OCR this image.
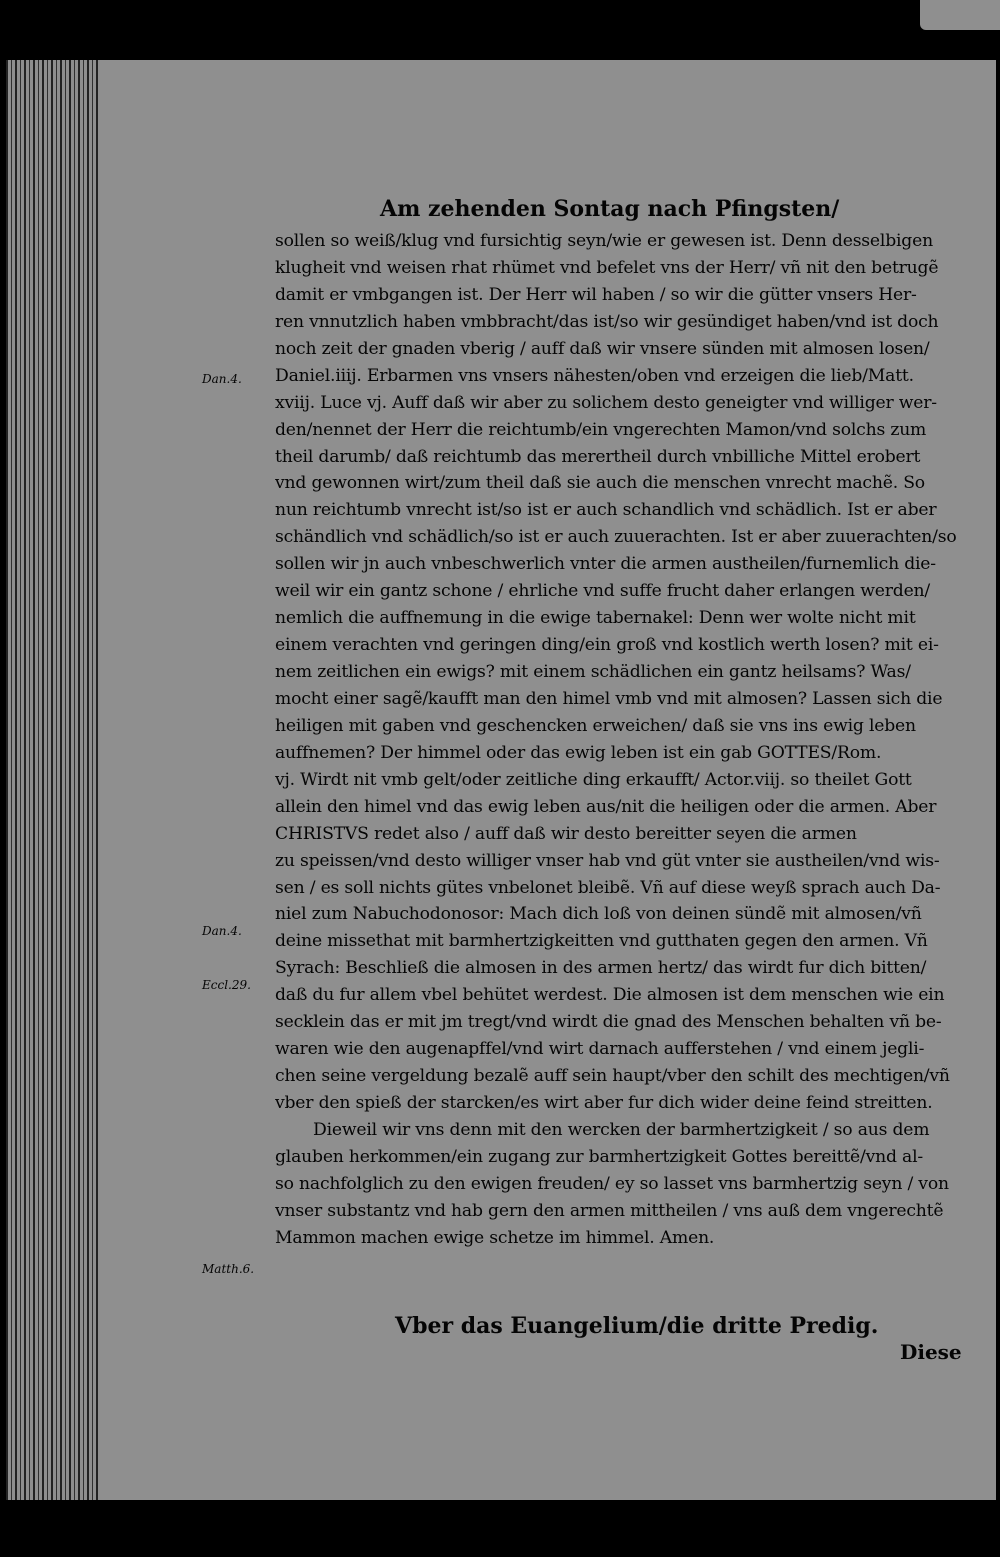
Am zehenden Sontag nach Pfingsten/
Dan.4.
Dan.4.
Eccl.29.
Matth.6.
sollen so weiß/klug vnd fursichtig seyn/wie er gewesen ist. Denn desselbigen
klugheit vnd weisen rhat rhümet vnd befelet vns der Herr/ vñ nit den betrugẽ
damit er vmbgangen ist. Der Herr wil haben / so wir die gütter vnsers Her-
ren vnnutzlich haben vmbbracht/das ist/so wir gesündiget haben/vnd ist doch
noch zeit der gnaden vberig / auff daß wir vnsere sünden mit almosen losen/
Daniel.iiij. Erbarmen vns vnsers nähesten/oben vnd erzeigen die lieb/Matt.
xviij. Luce vj. Auff daß wir aber zu solichem desto geneigter vnd williger wer-
den/nennet der Herr die reichtumb/ein vngerechten Mamon/vnd solchs zum
theil darumb/ daß reichtumb das merertheil durch vnbilliche Mittel erobert
vnd gewonnen wirt/zum theil daß sie auch die menschen vnrecht machẽ. So
nun reichtumb vnrecht ist/so ist er auch schandlich vnd schädlich. Ist er aber
schändlich vnd schädlich/so ist er auch zuuerachten. Ist er aber zuuerachten/so
sollen wir jn auch vnbeschwerlich vnter die armen austheilen/furnemlich die-
weil wir ein gantz schone / ehrliche vnd suffe frucht daher erlangen werden/
nemlich die auffnemung in die ewige tabernakel: Denn wer wolte nicht mit
einem verachten vnd geringen ding/ein groß vnd kostlich werth losen? mit ei-
nem zeitlichen ein ewigs? mit einem schädlichen ein gantz heilsams? Was/
mocht einer sagẽ/kaufft man den himel vmb vnd mit almosen? Lassen sich die
heiligen mit gaben vnd geschencken erweichen/ daß sie vns ins ewig leben
auffnemen? Der himmel oder das ewig leben ist ein gab GOTTES/Rom.
vj. Wirdt nit vmb gelt/oder zeitliche ding erkaufft/ Actor.viij. so theilet Gott
allein den himel vnd das ewig leben aus/nit die heiligen oder die armen. Aber
CHRISTVS redet also / auff daß wir desto bereitter seyen die armen
zu speissen/vnd desto williger vnser hab vnd güt vnter sie austheilen/vnd wis-
sen / es soll nichts gütes vnbelonet bleibẽ. Vñ auf diese weyß sprach auch Da-
niel zum Nabuchodonosor: Mach dich loß von deinen sündẽ mit almosen/vñ
deine missethat mit barmhertzigkeitten vnd gutthaten gegen den armen. Vñ
Syrach: Beschließ die almosen in des armen hertz/ das wirdt fur dich bitten/
daß du fur allem vbel behütet werdest. Die almosen ist dem menschen wie ein
secklein das er mit jm tregt/vnd wirdt die gnad des Menschen behalten vñ be-
waren wie den augenapffel/vnd wirt darnach aufferstehen / vnd einem jegli-
chen seine vergeldung bezalẽ auff sein haupt/vber den schilt des mechtigen/vñ
vber den spieß der starcken/es wirt aber fur dich wider deine feind streitten.
Dieweil wir vns denn mit den wercken der barmhertzigkeit / so aus dem
glauben herkommen/ein zugang zur barmhertzigkeit Gottes bereittẽ/vnd al-
so nachfolglich zu den ewigen freuden/ ey so lasset vns barmhertzig seyn / von
vnser substantz vnd hab gern den armen mittheilen / vns auß dem vngerechtẽ
Mammon machen ewige schetze im himmel. Amen.
Vber das Euangelium/die dritte Predig.
Diese
